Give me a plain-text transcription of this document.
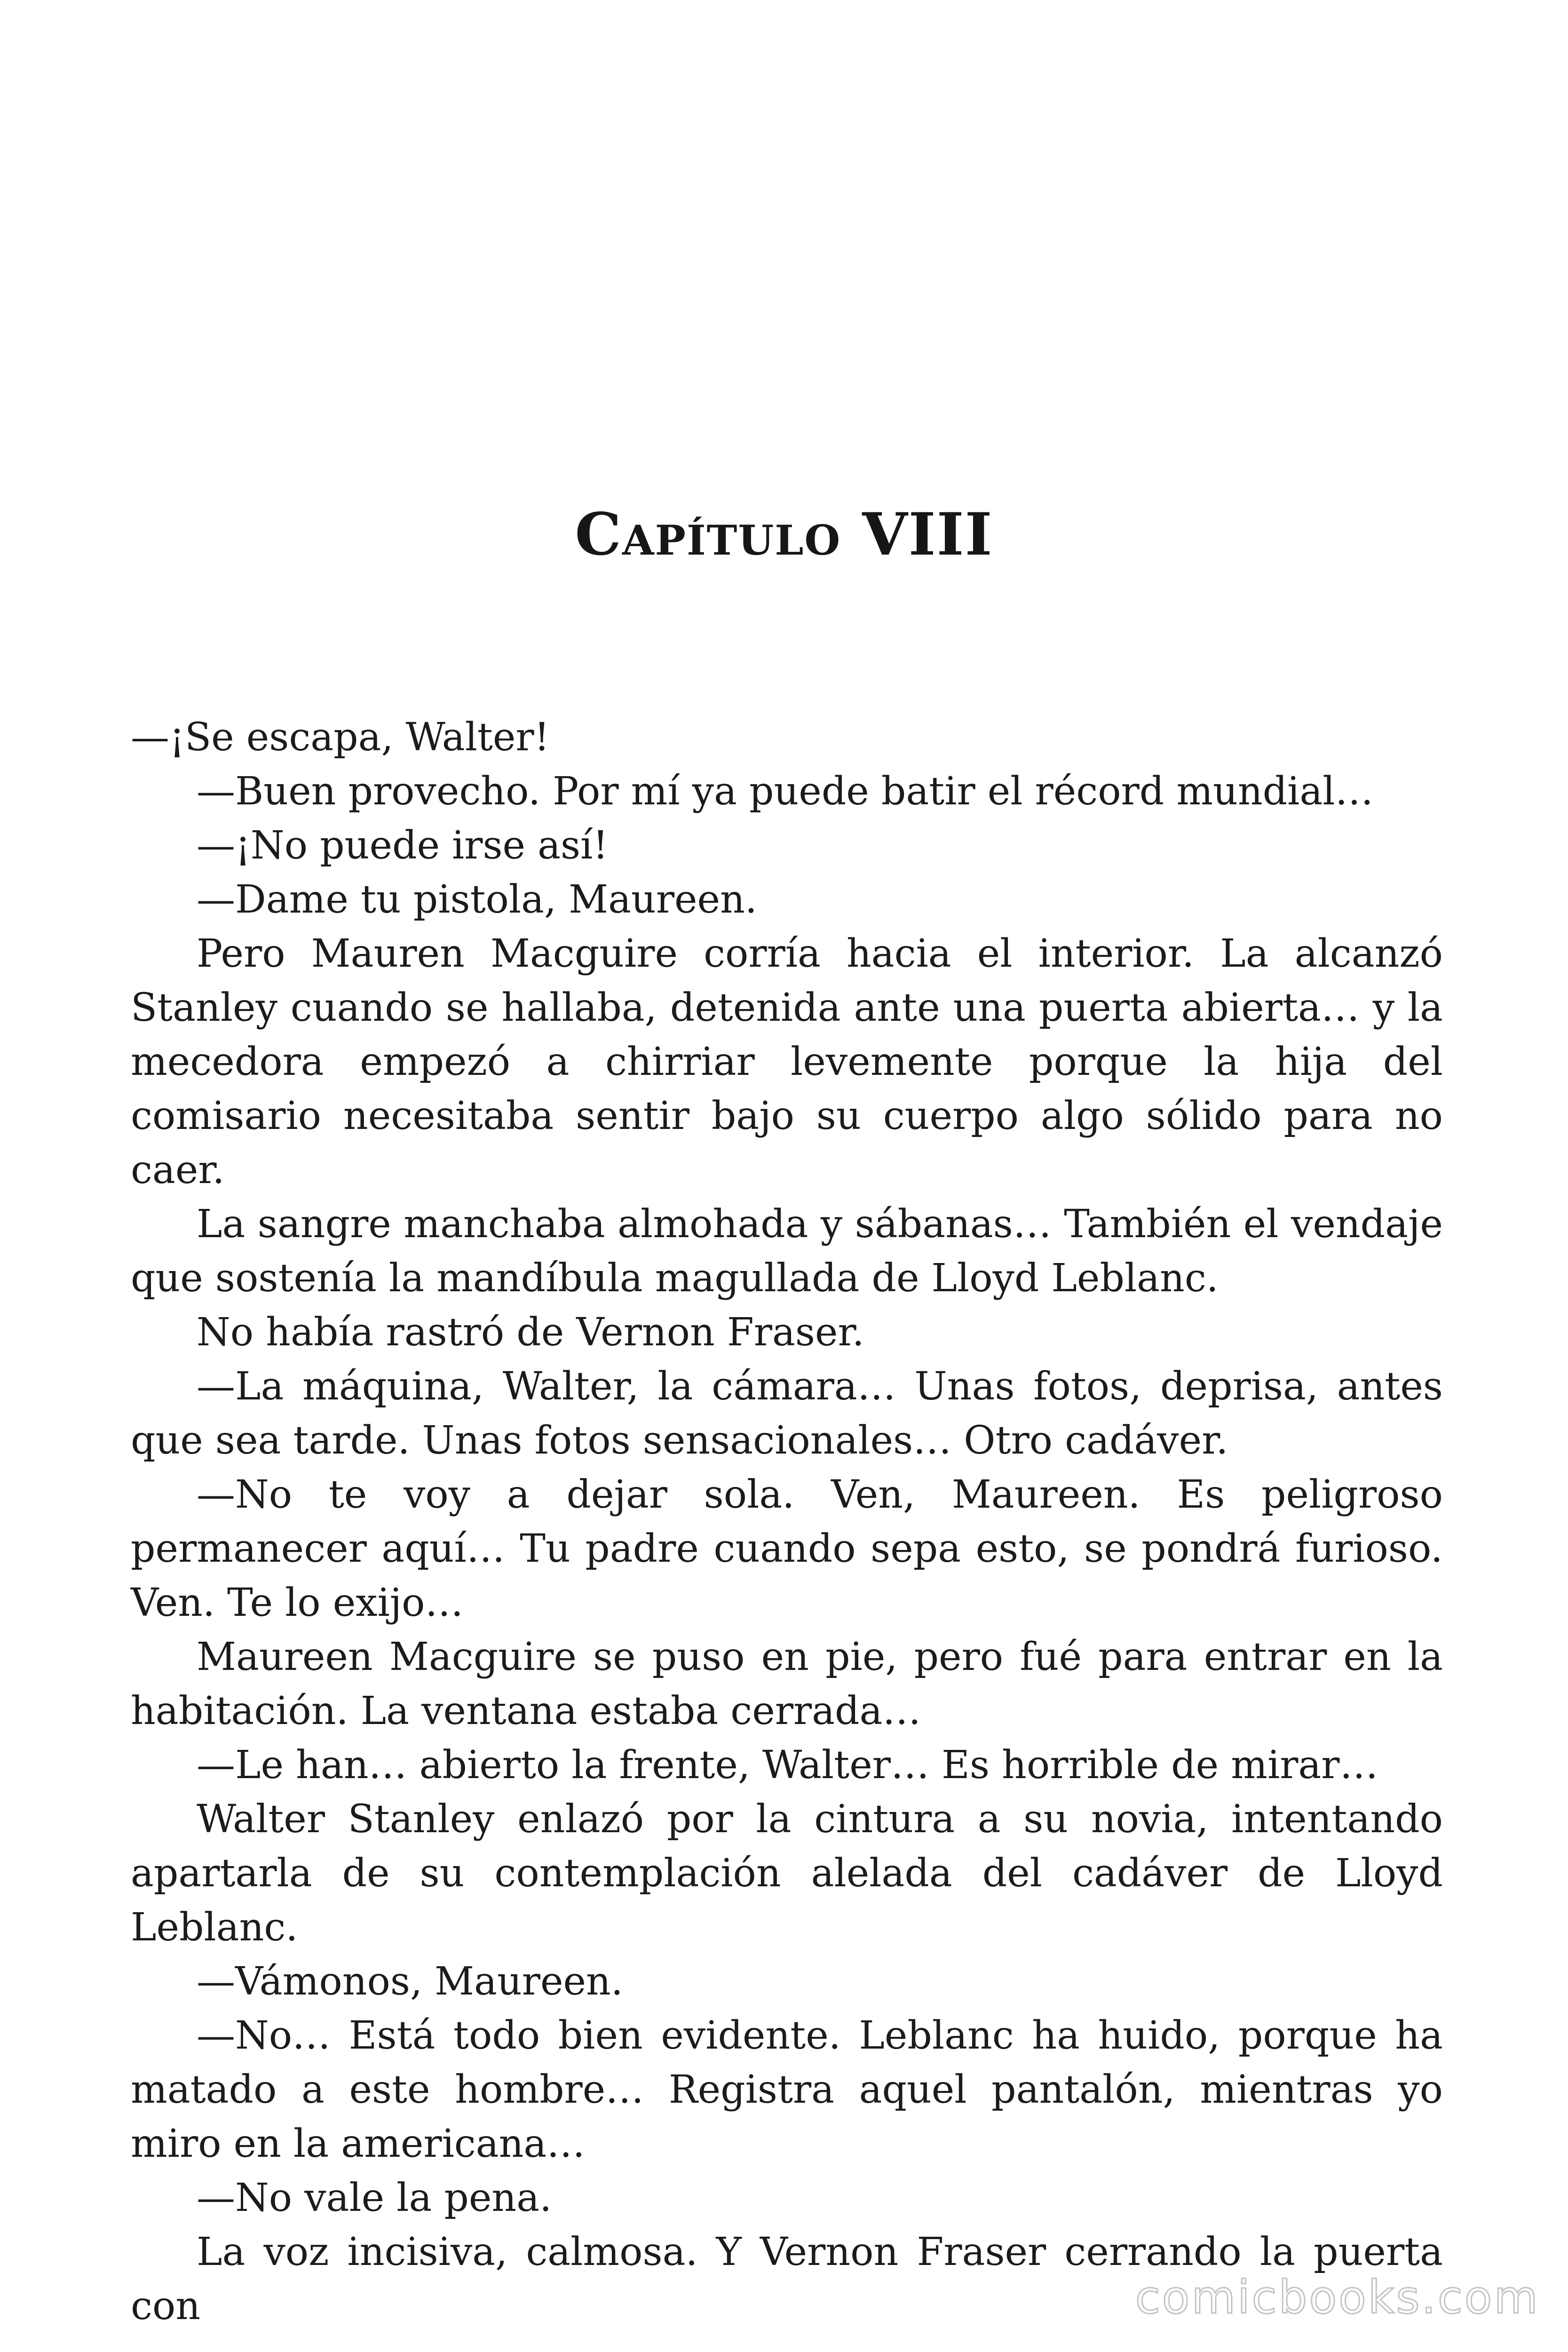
Capítulo VIII

—¡Se escapa, Walter!

—Buen provecho. Por mí ya puede batir el récord mundial…

—¡No puede irse así!

—Dame tu pistola, Maureen.

Pero Mauren Macguire corría hacia el interior. La alcanzó Stanley cuando se hallaba, detenida ante una puerta abierta… y la mecedora empezó a chirriar levemente porque la hija del comisario necesitaba sentir bajo su cuerpo algo sólido para no caer.

La sangre manchaba almohada y sábanas… También el vendaje que sostenía la mandíbula magullada de Lloyd Leblanc.

No había rastró de Vernon Fraser.

—La máquina, Walter, la cámara… Unas fotos, deprisa, antes que sea tarde. Unas fotos sensacionales… Otro cadáver.

—No te voy a dejar sola. Ven, Maureen. Es peligroso permanecer aquí… Tu padre cuando sepa esto, se pondrá furioso. Ven. Te lo exijo…

Maureen Macguire se puso en pie, pero fué para entrar en la habitación. La ventana estaba cerrada…

—Le han… abierto la frente, Walter… Es horrible de mirar…

Walter Stanley enlazó por la cintura a su novia, intentando apartarla de su contemplación alelada del cadáver de Lloyd Leblanc.

—Vámonos, Maureen.

—No… Está todo bien evidente. Leblanc ha huido, porque ha matado a este hombre… Registra aquel pantalón, mientras yo miro en la americana…

—No vale la pena.

La voz incisiva, calmosa. Y Vernon Fraser cerrando la puerta con	comicbooks.com
